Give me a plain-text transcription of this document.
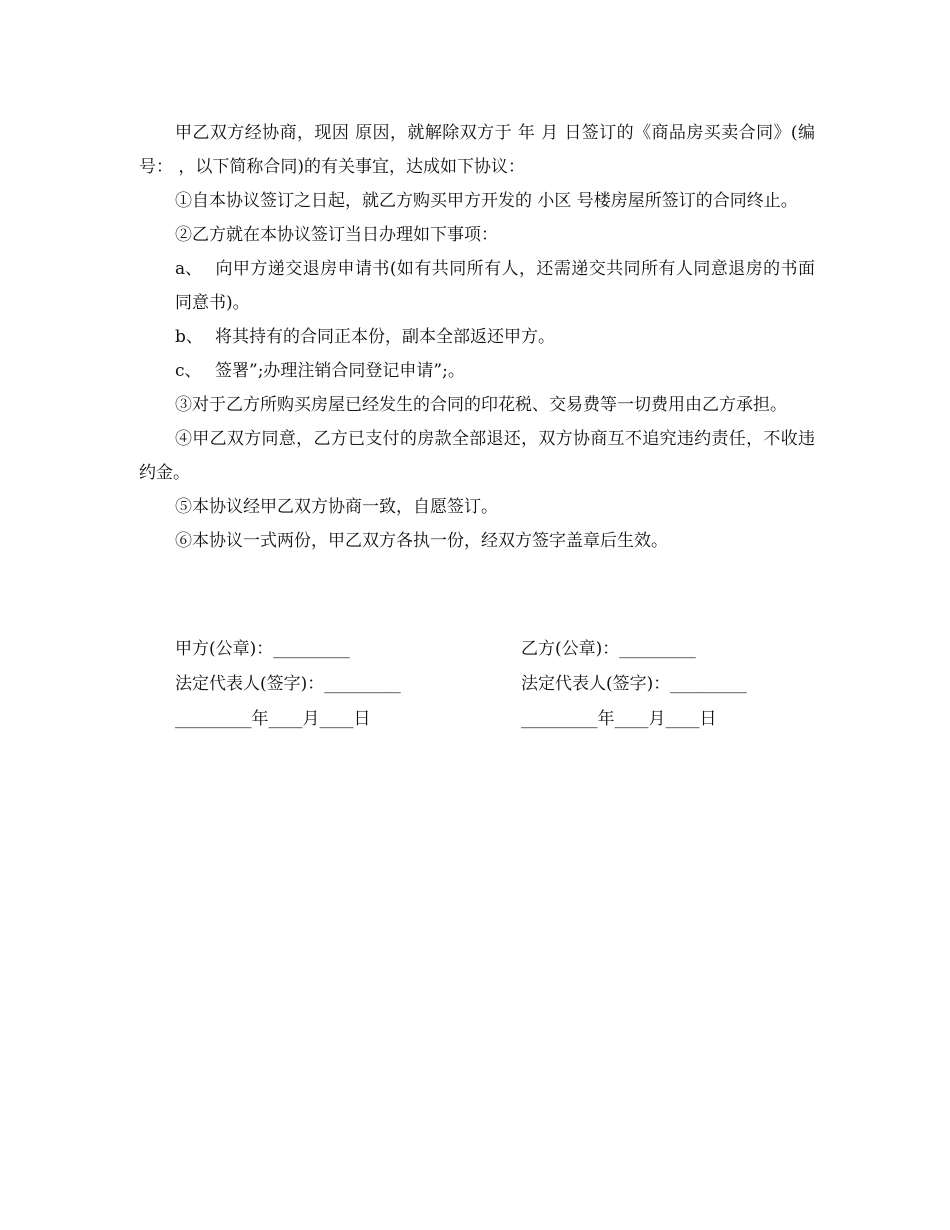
甲乙双方经协商，现因 原因，就解除双方于 年 月 日签订的《商品房买卖合同》(编号： ，以下简称合同)的有关事宜，达成如下协议：

①自本协议签订之日起，就乙方购买甲方开发的 小区 号楼房屋所签订的合同终止。

②乙方就在本协议签订当日办理如下事项：

a、 向甲方递交退房申请书(如有共同所有人，还需递交共同所有人同意退房的书面同意书)。

b、 将其持有的合同正本份，副本全部返还甲方。

c、 签署”;办理注销合同登记申请”;。

③对于乙方所购买房屋已经发生的合同的印花税、交易费等一切费用由乙方承担。

④甲乙双方同意，乙方已支付的房款全部退还，双方协商互不追究违约责任，不收违约金。

⑤本协议经甲乙双方协商一致，自愿签订。

⑥本协议一式两份，甲乙双方各执一份，经双方签字盖章后生效。

甲方(公章)：_________	乙方(公章)：_________
法定代表人(签字)：_________	法定代表人(签字)：_________
_________年____月____日	_________年____月____日
